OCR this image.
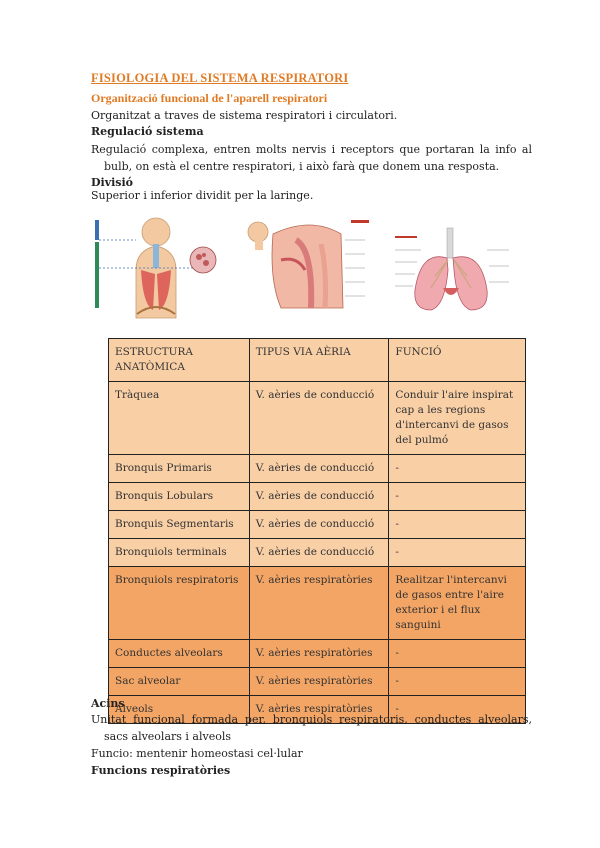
FISIOLOGIA DEL SISTEMA RESPIRATORI
Organització funcional de l'aparell respiratori
Organitzat a traves de sistema respiratori i circulatori.
Regulació sistema
Regulació complexa, entren molts nervis i receptors que portaran la info al bulb, on està el centre respiratori, i això farà que donem una resposta.
Divisió
Superior i inferior dividit per la laringe.
ESTRUCTURA ANATÒMICA	TIPUS VIA AÈRIA	FUNCIÓ
Tràquea	V. aèries de conducció	Conduir l'aire inspirat cap a les regions d'intercanvi de gasos del pulmó
Bronquis Primaris	V. aèries de conducció	-
Bronquis Lobulars	V. aèries de conducció	-
Bronquis Segmentaris	V. aèries de conducció	-
Bronquiols terminals	V. aèries de conducció	-
Bronquiols respiratoris	V. aèries respiratòries	Realitzar l'intercanvi de gasos entre l'aire exterior i el flux sanguini
Conductes alveolars	V. aèries respiratòries	-
Sac alveolar	V. aèries respiratòries	-
Alveols	V. aèries respiratòries	-
Acins
Unitat funcional formada per, bronquiols respiratoris, conductes alveolars, sacs alveolars i alveols
Funcio: mentenir homeostasi cel·lular
Funcions respiratòries
